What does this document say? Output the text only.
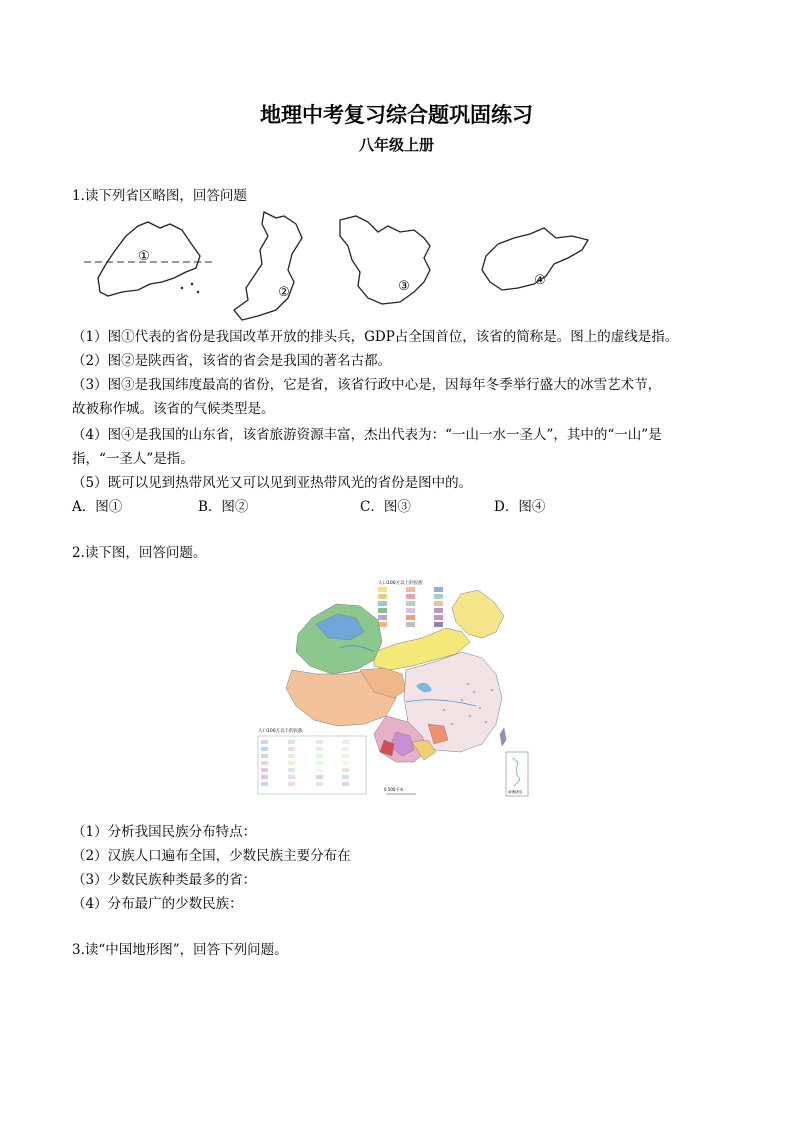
地理中考复习综合题巩固练习
八年级上册
1.读下列省区略图，回答问题
①
②	③	④
（1）图①代表的省份是我国改革开放的排头兵，GDP占全国首位，该省的简称是。图上的虚线是指。
（2）图②是陕西省，该省的省会是我国的著名古都。
（3）图③是我国纬度最高的省份，它是省，该省行政中心是，因每年冬季举行盛大的冰雪艺术节，
故被称作城。该省的气候类型是。
（4）图④是我国的山东省，该省旅游资源丰富，杰出代表为：“一山一水一圣人”，其中的“一山”是
指，“一圣人”是指。
（5）既可以见到热带风光又可以见到亚热带风光的省份是图中的。
A．图①	B．图②	C．图③	D．图④
2.读下图，回答问题。
人口100万以上的民族
人口100万以下的民族
0 500千米	南海诸岛
（1）分析我国民族分布特点：
（2）汉族人口遍布全国，少数民族主要分布在
（3）少数民族种类最多的省：
（4）分布最广的少数民族：
3.读“中国地形图”，回答下列问题。
